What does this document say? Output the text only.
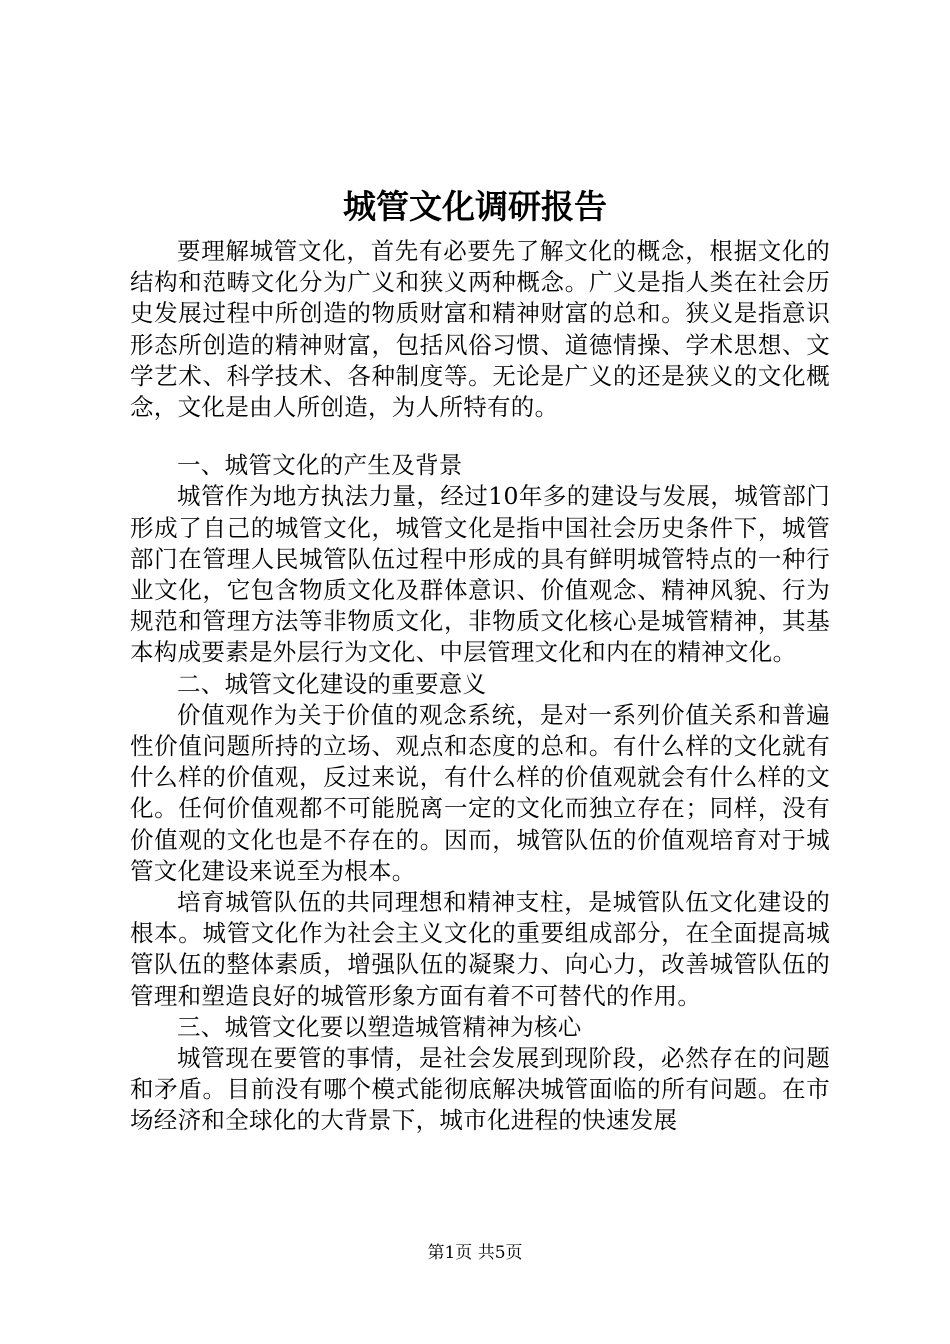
城管文化调研报告

要理解城管文化，首先有必要先了解文化的概念，根据文化的结构和范畴文化分为广义和狭义两种概念。广义是指人类在社会历史发展过程中所创造的物质财富和精神财富的总和。狭义是指意识形态所创造的精神财富，包括风俗习惯、道德情操、学术思想、文学艺术、科学技术、各种制度等。无论是广义的还是狭义的文化概念，文化是由人所创造，为人所特有的。

一、城管文化的产生及背景

城管作为地方执法力量，经过10年多的建设与发展，城管部门形成了自己的城管文化，城管文化是指中国社会历史条件下，城管部门在管理人民城管队伍过程中形成的具有鲜明城管特点的一种行业文化，它包含物质文化及群体意识、价值观念、精神风貌、行为规范和管理方法等非物质文化，非物质文化核心是城管精神，其基本构成要素是外层行为文化、中层管理文化和内在的精神文化。

二、城管文化建设的重要意义

价值观作为关于价值的观念系统，是对一系列价值关系和普遍性价值问题所持的立场、观点和态度的总和。有什么样的文化就有什么样的价值观，反过来说，有什么样的价值观就会有什么样的文化。任何价值观都不可能脱离一定的文化而独立存在；同样，没有价值观的文化也是不存在的。因而，城管队伍的价值观培育对于城管文化建设来说至为根本。

培育城管队伍的共同理想和精神支柱，是城管队伍文化建设的根本。城管文化作为社会主义文化的重要组成部分，在全面提高城管队伍的整体素质，增强队伍的凝聚力、向心力，改善城管队伍的管理和塑造良好的城管形象方面有着不可替代的作用。

三、城管文化要以塑造城管精神为核心

城管现在要管的事情，是社会发展到现阶段，必然存在的问题和矛盾。目前没有哪个模式能彻底解决城管面临的所有问题。在市场经济和全球化的大背景下，城市化进程的快速发展

第1页 共5页
